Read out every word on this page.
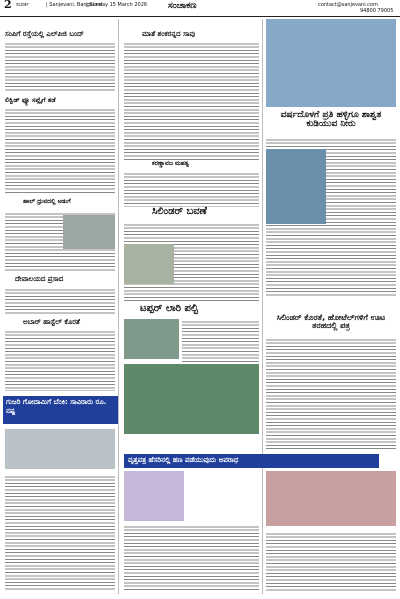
2 ಸಂಪರ್ಕ	| Sanjevani, Bangalore
| Sunday 15 March 2026 ಸಂಚಾಕಣ	contact@sanjevani.com
94800 79005
ಸಂಪಿಗೆ ರಸ್ತೆಯಲ್ಲಿ ಎಲ್‌ಪಿಜಿ ಬಂದ್
ಲಿಕ್ವಿಡ್ ಫ್ಯೂ ಸಪ್ಲೈಗೆ ತಡೆ
ಹಾಲ್ ಧ್ರುವದಲ್ಲಿ ಅಡುಗೆ
ದೇವಾಲಯದ ಪ್ರಸಾದ
ಅಬಾರ್ ಹಾಸ್ಟೆಲ್ ಕೊರತೆ
ಗುಜರಿ ಗೋದಾಮಿಗೆ ಬೆಂಕಿ: ಸಾವಿರಾರು ರೂ. ನಷ್ಟ
ಮಾತೆ ಶಂಕರನ್ನದ ಸಾವು
ಕರಣ್ಣಾವಜ ಮಹತ್ವ
ಸಿಲಿಂಡರ್ ಬವಣೆ
ಟಪ್ಪರ್ ಲಾರಿ ಪಲ್ಟಿ
ವೃತ್ತಪತ್ರ ಹೆಸರಿನಲ್ಲಿ ಹಣ ಪಡೆಯುವುದು ಅಪರಾಧ
ವರ್ಷದೊಳಗೆ ಪ್ರತಿ ಹಳ್ಳಿಗೂ ಶಾಶ್ವತ ಕುಡಿಯುವ ನೀರು
ಸಿಲಿಂಡರ್ ಕೊರತೆ, ಹೋಟೆಲ್‌ಗಳಿಗೆ ಊಟ ತರಹದಲ್ಲಿ ಪತ್ರ
